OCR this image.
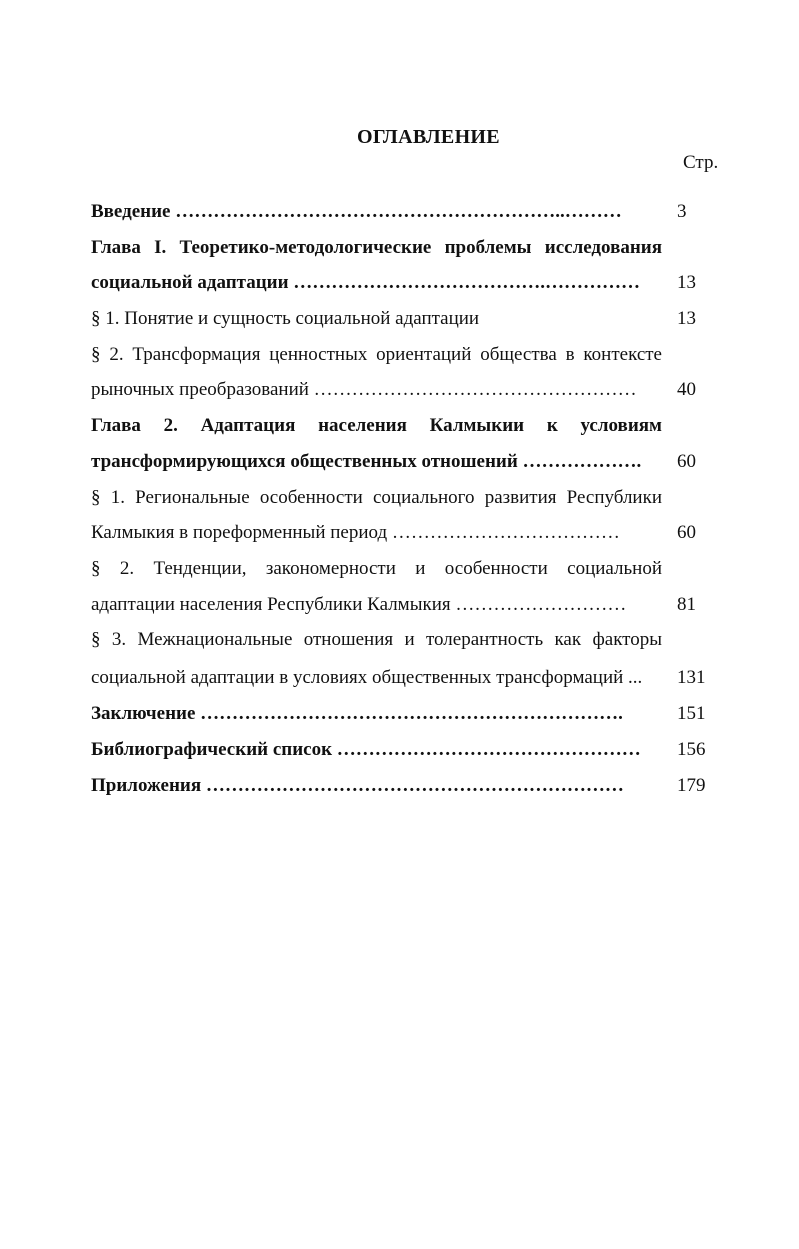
ОГЛАВЛЕНИЕ
Стр.
Введение ……………………………………………………..………	3
Глава I. Теоретико-методологические проблемы исследования
социальной адаптации ………………………………….……………	13
§ 1. Понятие и сущность социальной адаптации	13
§ 2. Трансформация ценностных ориентаций общества в контексте
рыночных преобразований ……………………………………………	40
Глава 2. Адаптация населения Калмыкии к условиям
трансформирующихся общественных отношений ……………….	60
§ 1. Региональные особенности социального развития Республики
Калмыкия в пореформенный период ………………………………	60
§ 2. Тенденции, закономерности и особенности социальной
адаптации населения Республики Калмыкия ………………………	81
§ 3. Межнациональные отношения и толерантность как факторы
социальной адаптации в условиях общественных трансформаций ...	131
Заключение ………………………………………………………….	151
Библиографический список …………………………………………	156
Приложения …………………………………………………………	179
